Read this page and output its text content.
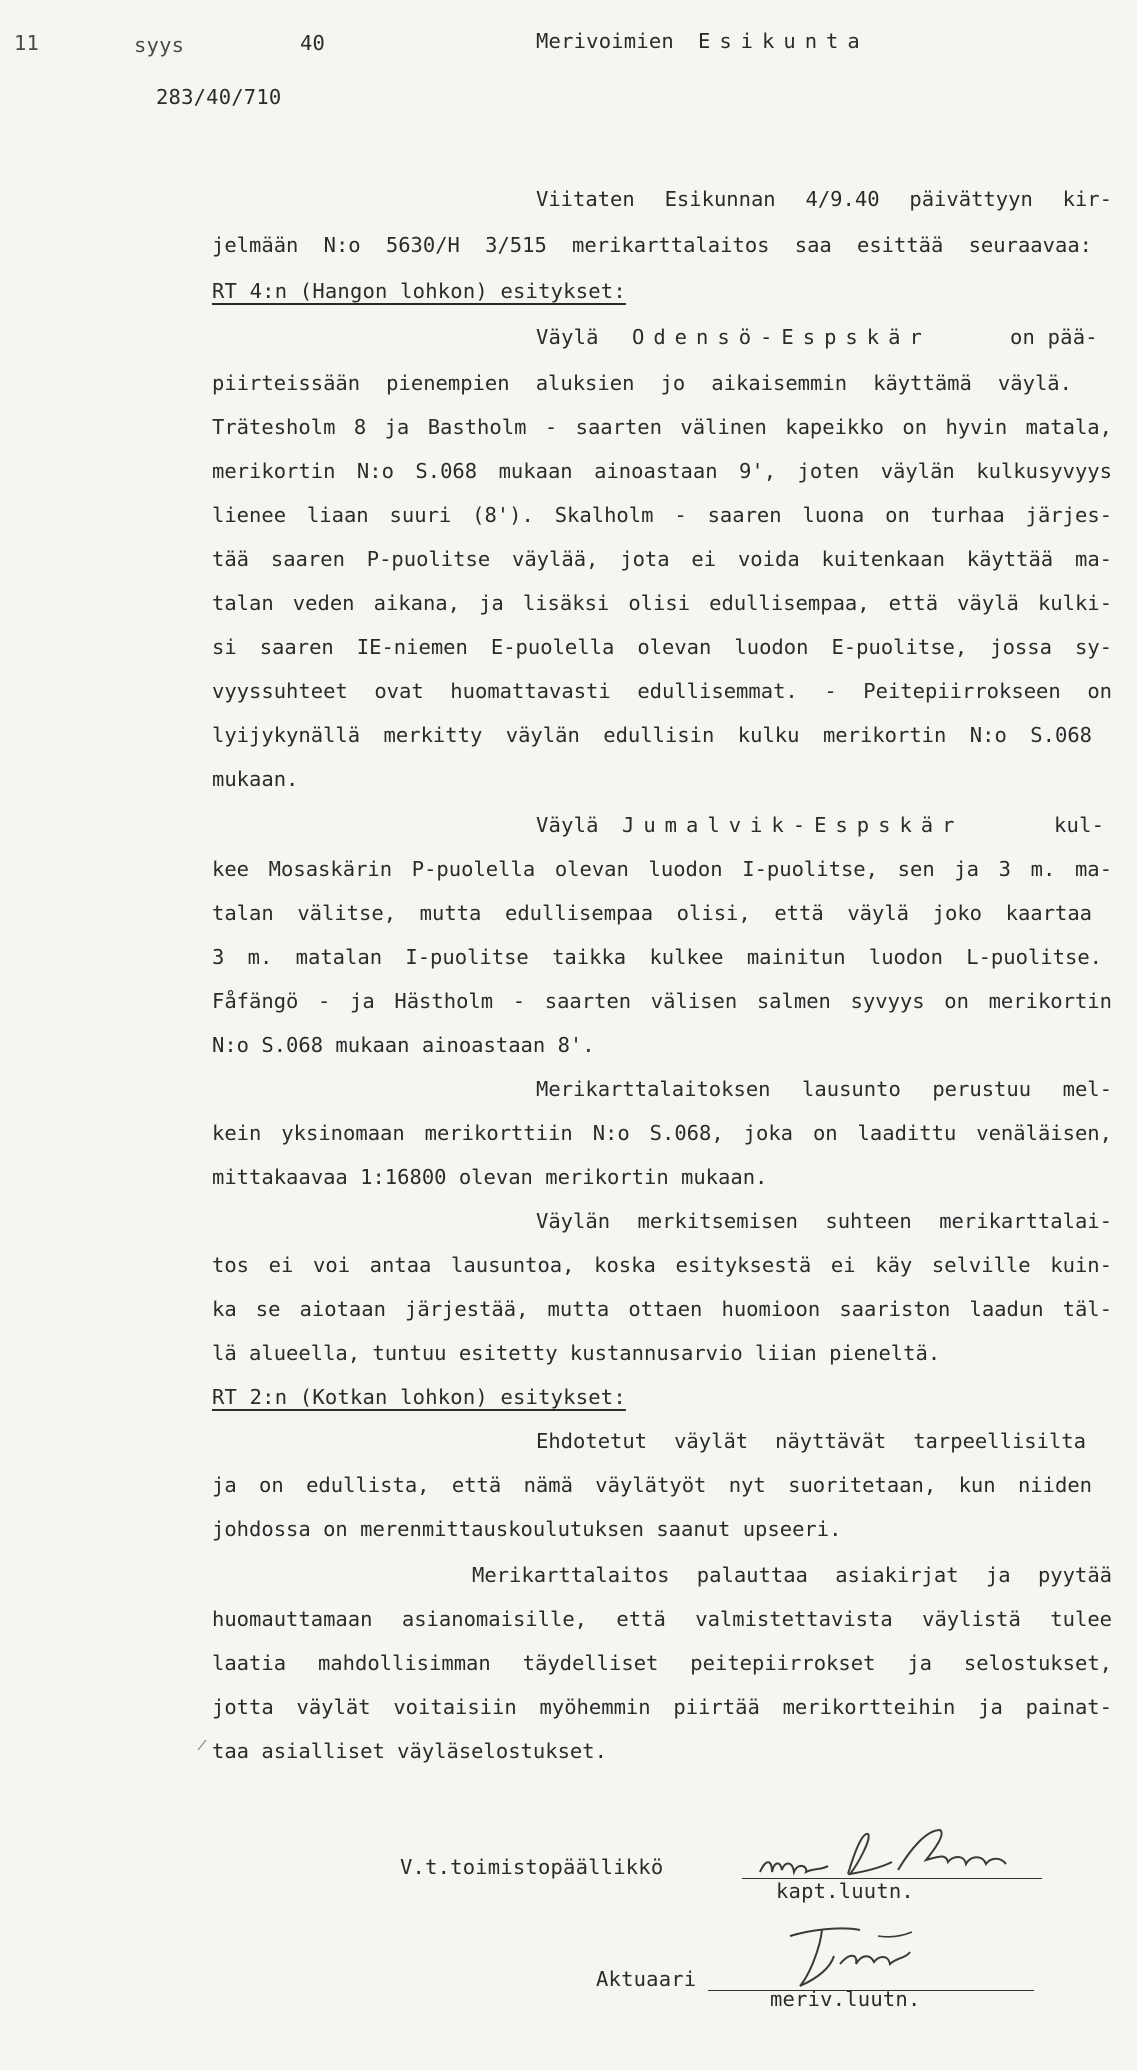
11	syys	40	Merivoimien Esikunta
283/40/710
Viitaten Esikunnan 4/9.40 päivättyyn kir-
jelmään N:o 5630/H 3/515 merikarttalaitos saa esittää seuraavaa:
RT 4:n (Hangon lohkon) esitykset:
Väylä Odensö-Espskär	on pää-
piirteissään pienempien aluksien jo aikaisemmin käyttämä väylä.
Trätesholm 8 ja Bastholm - saarten välinen kapeikko on hyvin matala,
merikortin N:o S.068 mukaan ainoastaan 9', joten väylän kulkusyvyys
lienee liaan suuri (8'). Skalholm - saaren luona on turhaa järjes-
tää saaren P-puolitse väylää, jota ei voida kuitenkaan käyttää ma-
talan veden aikana, ja lisäksi olisi edullisempaa, että väylä kulki-
si saaren IE-niemen E-puolella olevan luodon E-puolitse, jossa sy-
vyyssuhteet ovat huomattavasti edullisemmat. - Peitepiirrokseen on
lyijykynällä merkitty väylän edullisin kulku merikortin N:o S.068
mukaan.
Väylä Jumalvik-Espskär	kul-
kee Mosaskärin P-puolella olevan luodon I-puolitse, sen ja 3 m. ma-
talan välitse, mutta edullisempaa olisi, että väylä joko kaartaa
3 m. matalan I-puolitse taikka kulkee mainitun luodon L-puolitse.
Fåfängö - ja Hästholm - saarten välisen salmen syvyys on merikortin
N:o S.068 mukaan ainoastaan 8'.
Merikarttalaitoksen lausunto perustuu mel-
kein yksinomaan merikorttiin N:o S.068, joka on laadittu venäläisen,
mittakaavaa 1:16800 olevan merikortin mukaan.
Väylän merkitsemisen suhteen merikarttalai-
tos ei voi antaa lausuntoa, koska esityksestä ei käy selville kuin-
ka se aiotaan järjestää, mutta ottaen huomioon saariston laadun täl-
lä alueella, tuntuu esitetty kustannusarvio liian pieneltä.
RT 2:n (Kotkan lohkon) esitykset:
Ehdotetut väylät näyttävät tarpeellisilta
ja on edullista, että nämä väylätyöt nyt suoritetaan, kun niiden
johdossa on merenmittauskoulutuksen saanut upseeri.
Merikarttalaitos palauttaa asiakirjat ja pyytää
huomauttamaan asianomaisille, että valmistettavista väylistä tulee
laatia mahdollisimman täydelliset peitepiirrokset ja selostukset,
jotta väylät voitaisiin myöhemmin piirtää merikortteihin ja painat-
taa asialliset väyläselostukset.
V.t.toimistopäällikkö
kapt.luutn.
Aktuaari
meriv.luutn.
